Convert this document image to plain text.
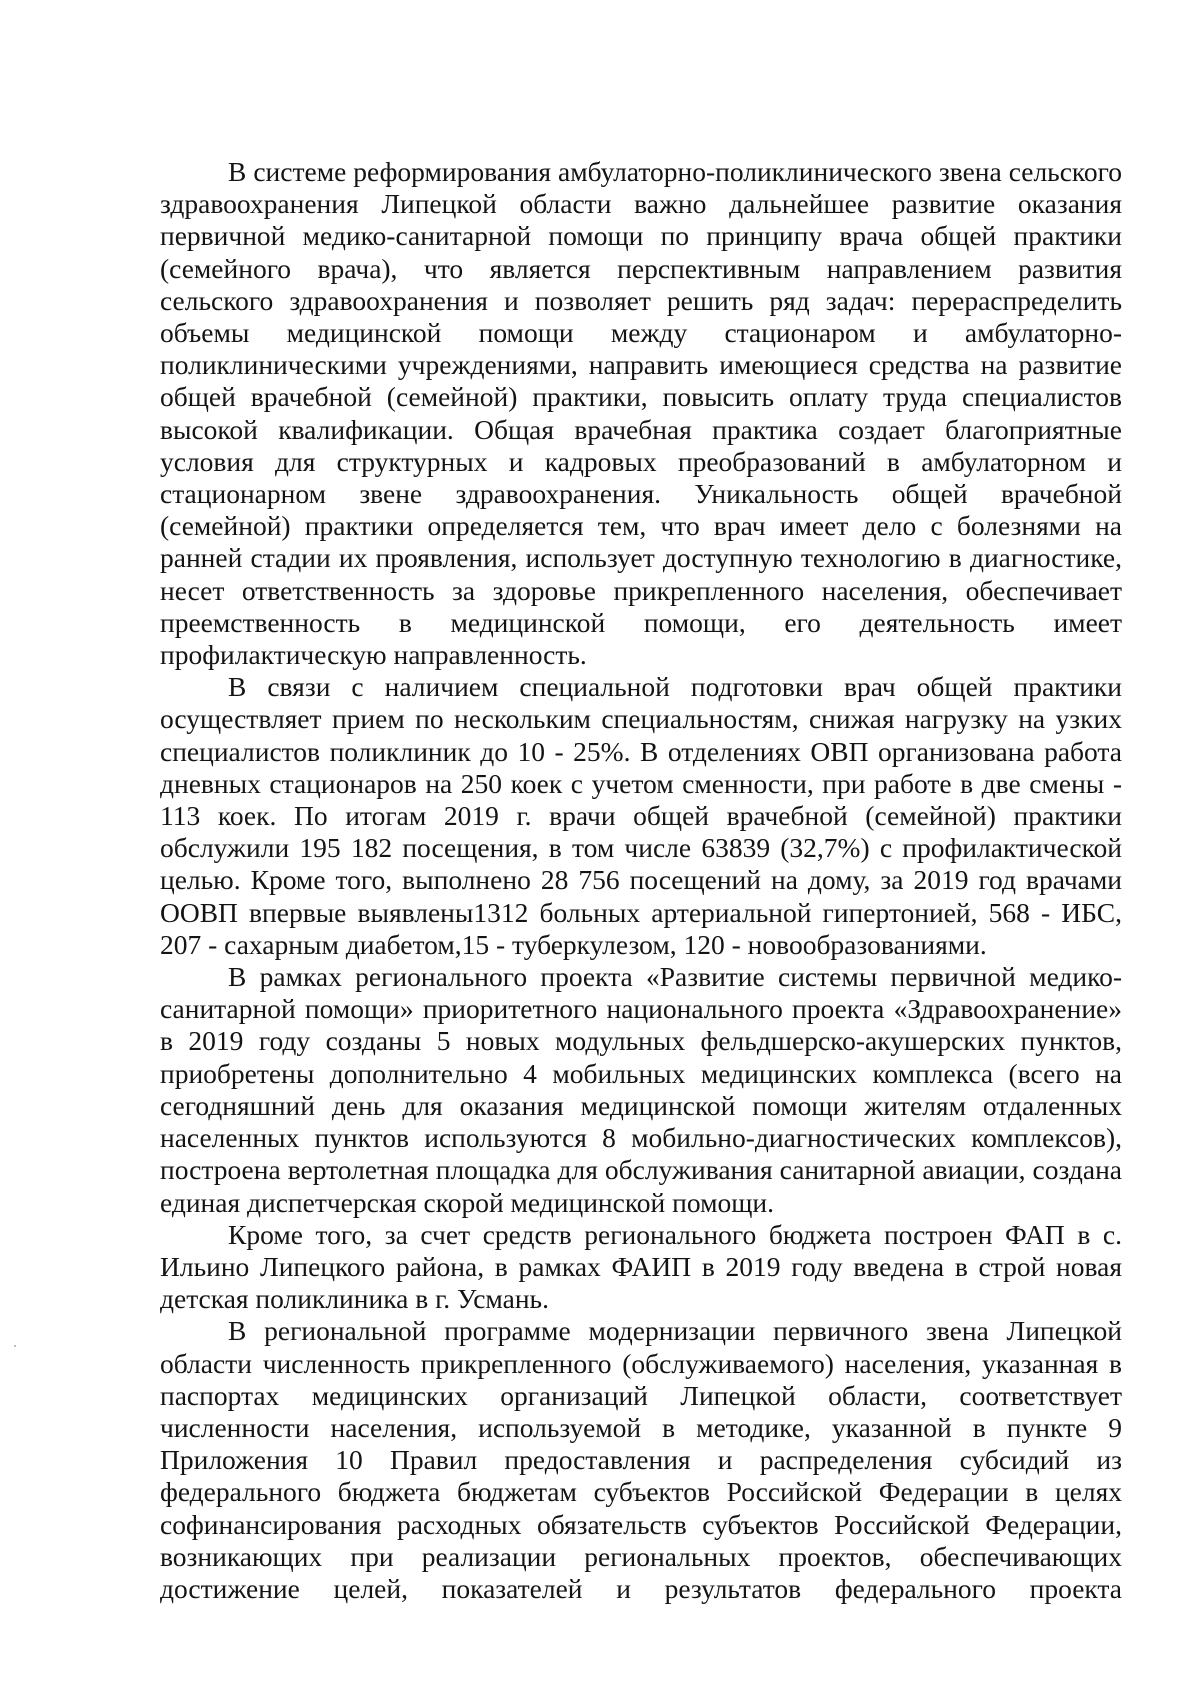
В системе реформирования амбулаторно-поликлинического звена сельского здравоохранения Липецкой области важно дальнейшее развитие оказания первичной медико-санитарной помощи по принципу врача общей практики (семейного врача), что является перспективным направлением развития сельского здравоохранения и позволяет решить ряд задач: перераспределить объемы медицинской помощи между стационаром и амбулаторно-поликлиническими учреждениями, направить имеющиеся средства на развитие общей врачебной (семейной) практики, повысить оплату труда специалистов высокой квалификации. Общая врачебная практика создает благоприятные условия для структурных и кадровых преобразований в амбулаторном и стационарном звене здравоохранения. Уникальность общей врачебной (семейной) практики определяется тем, что врач имеет дело с болезнями на ранней стадии их проявления, использует доступную технологию в диагностике, несет ответственность за здоровье прикрепленного населения, обеспечивает преемственность в медицинской помощи, его деятельность имеет профилактическую направленность.

В связи с наличием специальной подготовки врач общей практики осуществляет прием по нескольким специальностям, снижая нагрузку на узких специалистов поликлиник до 10 - 25%. В отделениях ОВП организована работа дневных стационаров на 250 коек с учетом сменности, при работе в две смены - 113 коек. По итогам 2019 г. врачи общей врачебной (семейной) практики обслужили 195 182 посещения, в том числе 63839 (32,7%) с профилактической целью. Кроме того, выполнено 28 756 посещений на дому, за 2019 год врачами ООВП впервые выявлены1312 больных артериальной гипертонией, 568 - ИБС, 207 - сахарным диабетом,15 - туберкулезом, 120 - новообразованиями.

В рамках регионального проекта «Развитие системы первичной медико-санитарной помощи» приоритетного национального проекта «Здравоохранение» в 2019 году созданы 5 новых модульных фельдшерско-акушерских пунктов, приобретены дополнительно 4 мобильных медицинских комплекса (всего на сегодняшний день для оказания медицинской помощи жителям отдаленных населенных пунктов используются 8 мобильно-диагностических комплексов), построена вертолетная площадка для обслуживания санитарной авиации, создана единая диспетчерская скорой медицинской помощи.

Кроме того, за счет средств регионального бюджета построен ФАП в с. Ильино Липецкого района, в рамках ФАИП в 2019 году введена в строй новая детская поликлиника в г. Усмань.

В региональной программе модернизации первичного звена Липецкой области численность прикрепленного (обслуживаемого) населения, указанная в паспортах медицинских организаций Липецкой области, соответствует численности населения, используемой в методике, указанной в пункте 9 Приложения 10 Правил предоставления и распределения субсидий из федерального бюджета бюджетам субъектов Российской Федерации в целях софинансирования расходных обязательств субъектов Российской Федерации, возникающих при реализации региональных проектов, обеспечивающих достижение целей, показателей и результатов федерального проекта
